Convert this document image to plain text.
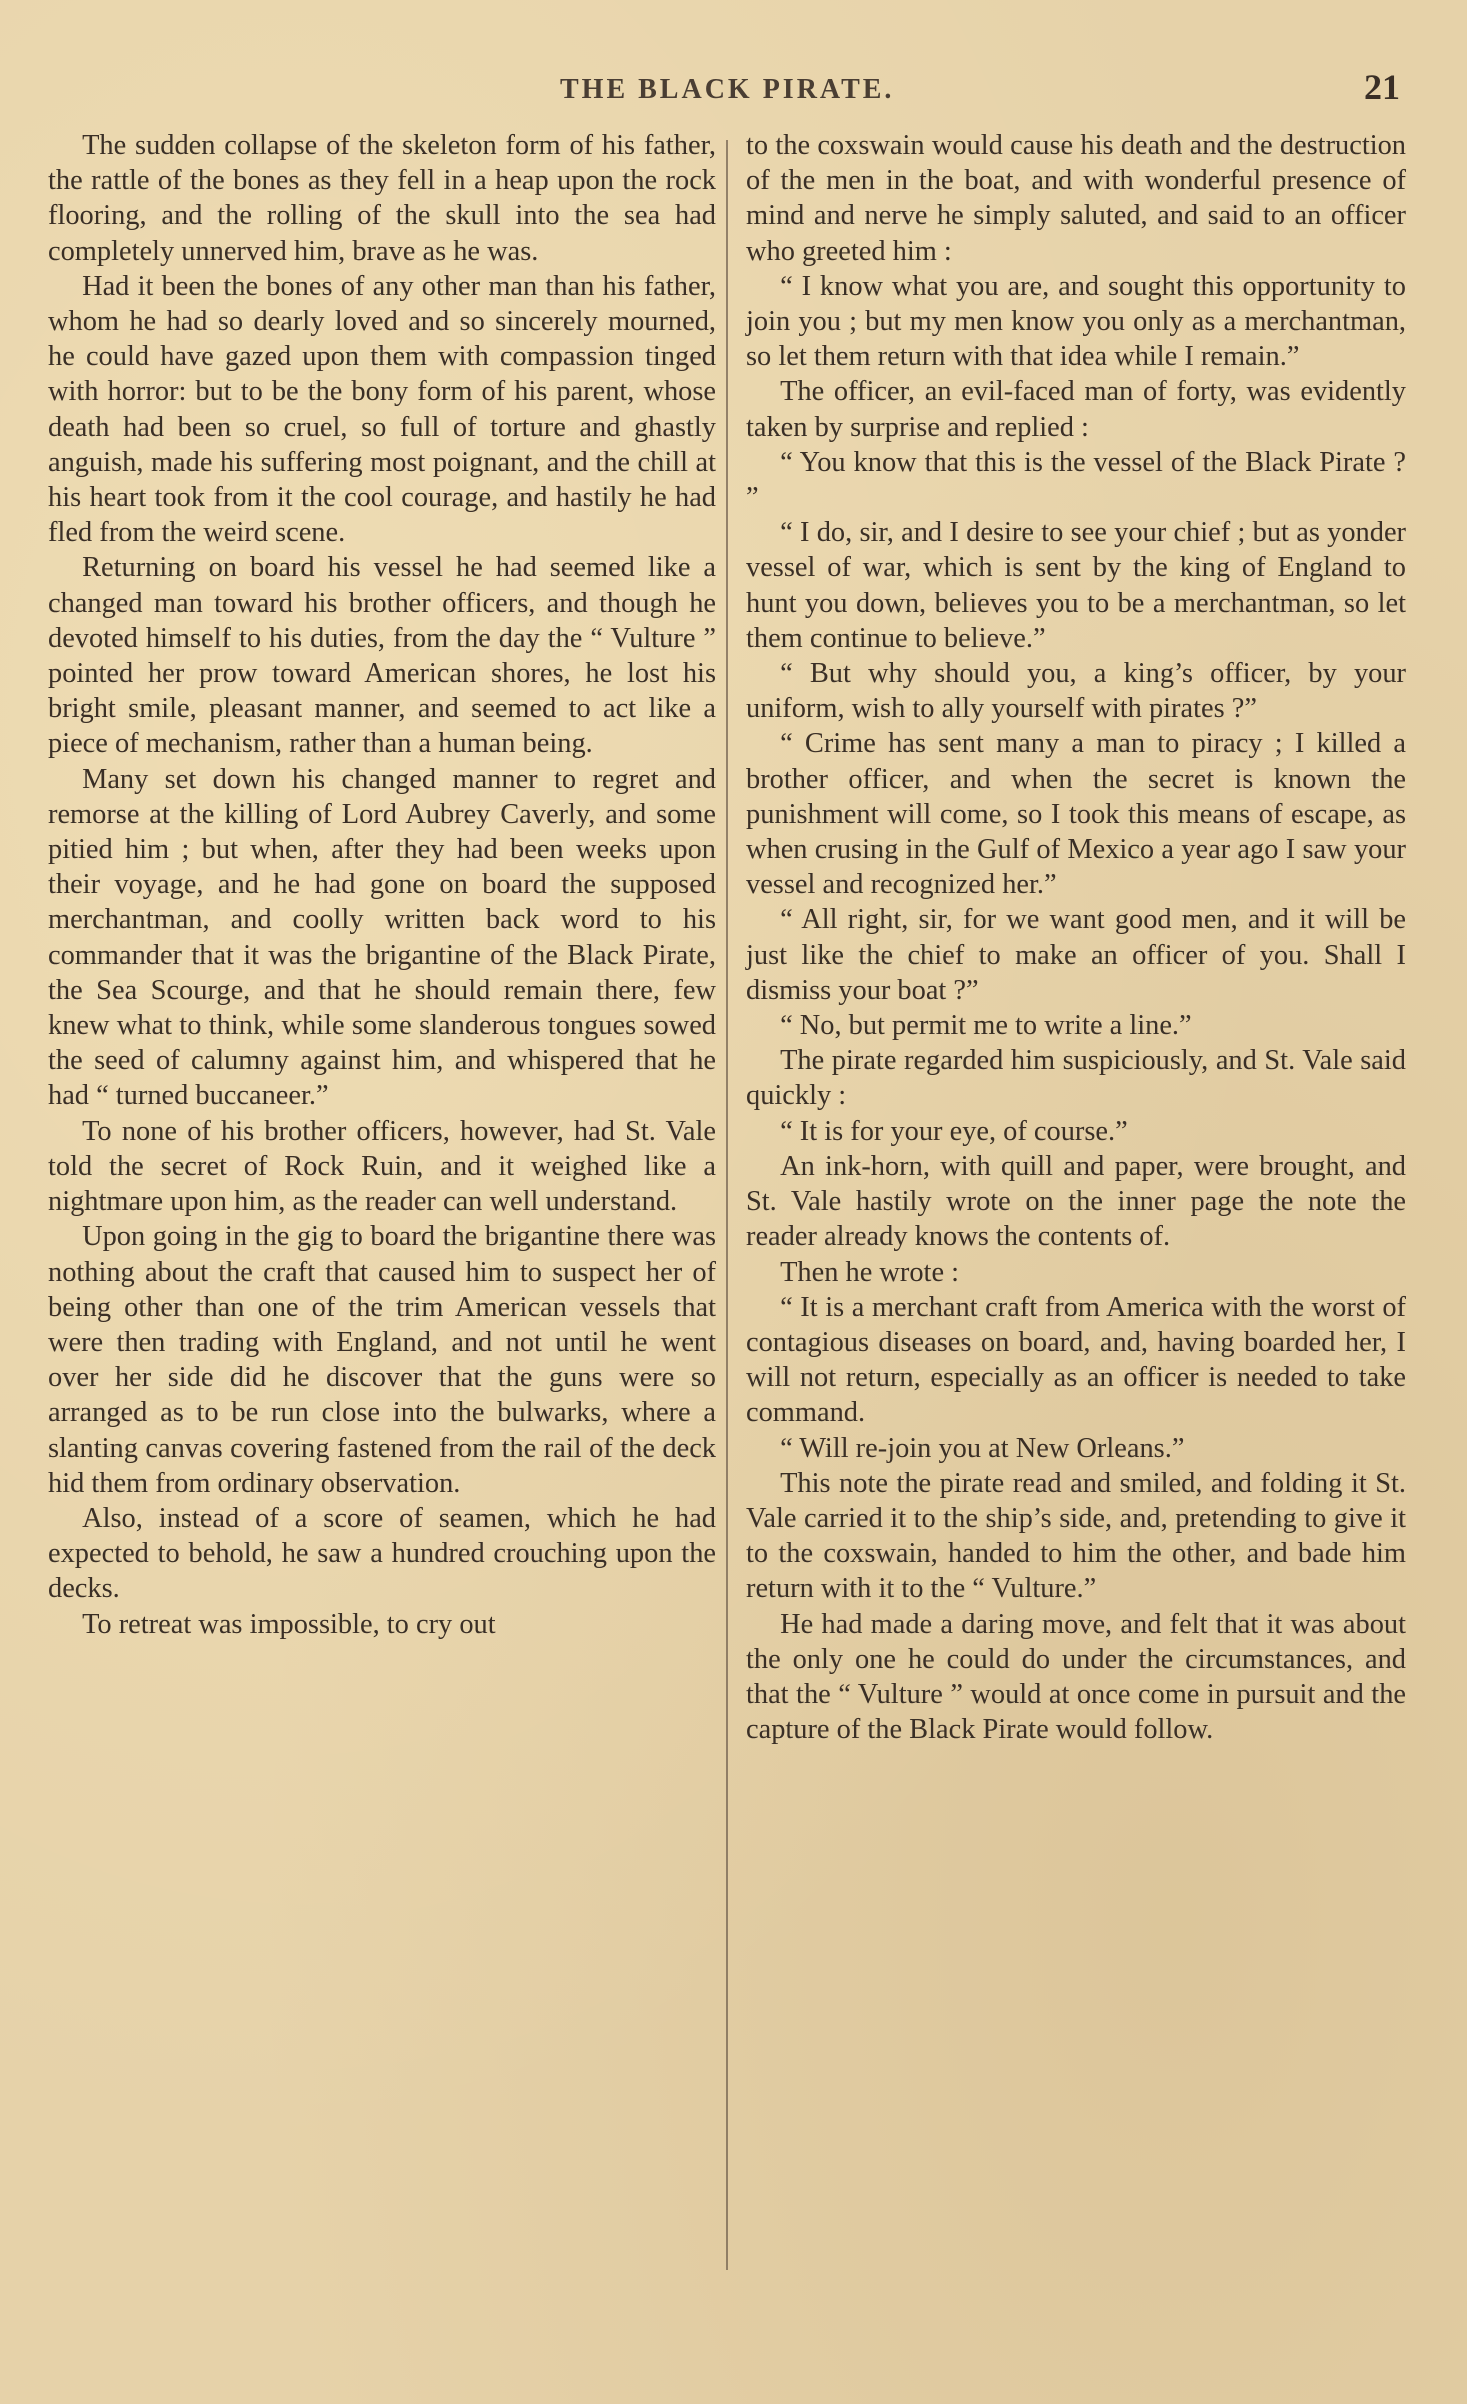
THE BLACK PIRATE.	21

The sudden collapse of the skeleton form of his father, the rattle of the bones as they fell in a heap upon the rock flooring, and the rolling of the skull into the sea had completely unnerved him, brave as he was.

Had it been the bones of any other man than his father, whom he had so dearly loved and so sincerely mourned, he could have gazed upon them with compassion tinged with horror: but to be the bony form of his parent, whose death had been so cruel, so full of torture and ghastly anguish, made his suffering most poignant, and the chill at his heart took from it the cool courage, and hastily he had fled from the weird scene.

Returning on board his vessel he had seemed like a changed man toward his brother officers, and though he devoted himself to his duties, from the day the “ Vulture ” pointed her prow toward American shores, he lost his bright smile, pleasant manner, and seemed to act like a piece of mechanism, rather than a human being.

Many set down his changed manner to regret and remorse at the killing of Lord Aubrey Caverly, and some pitied him ; but when, after they had been weeks upon their voyage, and he had gone on board the supposed merchantman, and coolly written back word to his commander that it was the brigantine of the Black Pirate, the Sea Scourge, and that he should remain there, few knew what to think, while some slanderous tongues sowed the seed of calumny against him, and whispered that he had “ turned buccaneer.”

To none of his brother officers, however, had St. Vale told the secret of Rock Ruin, and it weighed like a nightmare upon him, as the reader can well understand.

Upon going in the gig to board the brigantine there was nothing about the craft that caused him to suspect her of being other than one of the trim American vessels that were then trading with England, and not until he went over her side did he discover that the guns were so arranged as to be run close into the bulwarks, where a slanting canvas covering fastened from the rail of the deck hid them from ordinary observation.

Also, instead of a score of seamen, which he had expected to behold, he saw a hundred crouching upon the decks.

To retreat was impossible, to cry out

to the coxswain would cause his death and the destruction of the men in the boat, and with wonderful presence of mind and nerve he simply saluted, and said to an officer who greeted him :

“ I know what you are, and sought this opportunity to join you ; but my men know you only as a merchantman, so let them return with that idea while I remain.”

The officer, an evil-faced man of forty, was evidently taken by surprise and replied :

“ You know that this is the vessel of the Black Pirate ? ”

“ I do, sir, and I desire to see your chief ; but as yonder vessel of war, which is sent by the king of England to hunt you down, believes you to be a merchantman, so let them continue to believe.”

“ But why should you, a king’s officer, by your uniform, wish to ally yourself with pirates ?”

“ Crime has sent many a man to piracy ; I killed a brother officer, and when the secret is known the punishment will come, so I took this means of escape, as when crusing in the Gulf of Mexico a year ago I saw your vessel and recognized her.”

“ All right, sir, for we want good men, and it will be just like the chief to make an officer of you. Shall I dismiss your boat ?”

“ No, but permit me to write a line.”

The pirate regarded him suspiciously, and St. Vale said quickly :

“ It is for your eye, of course.”

An ink-horn, with quill and paper, were brought, and St. Vale hastily wrote on the inner page the note the reader already knows the contents of.

Then he wrote :

“ It is a merchant craft from America with the worst of contagious diseases on board, and, having boarded her, I will not return, especially as an officer is needed to take command.

“ Will re-join you at New Orleans.”

This note the pirate read and smiled, and folding it St. Vale carried it to the ship’s side, and, pretending to give it to the coxswain, handed to him the other, and bade him return with it to the “ Vulture.”

He had made a daring move, and felt that it was about the only one he could do under the circumstances, and that the “ Vulture ” would at once come in pursuit and the capture of the Black Pirate would follow.
